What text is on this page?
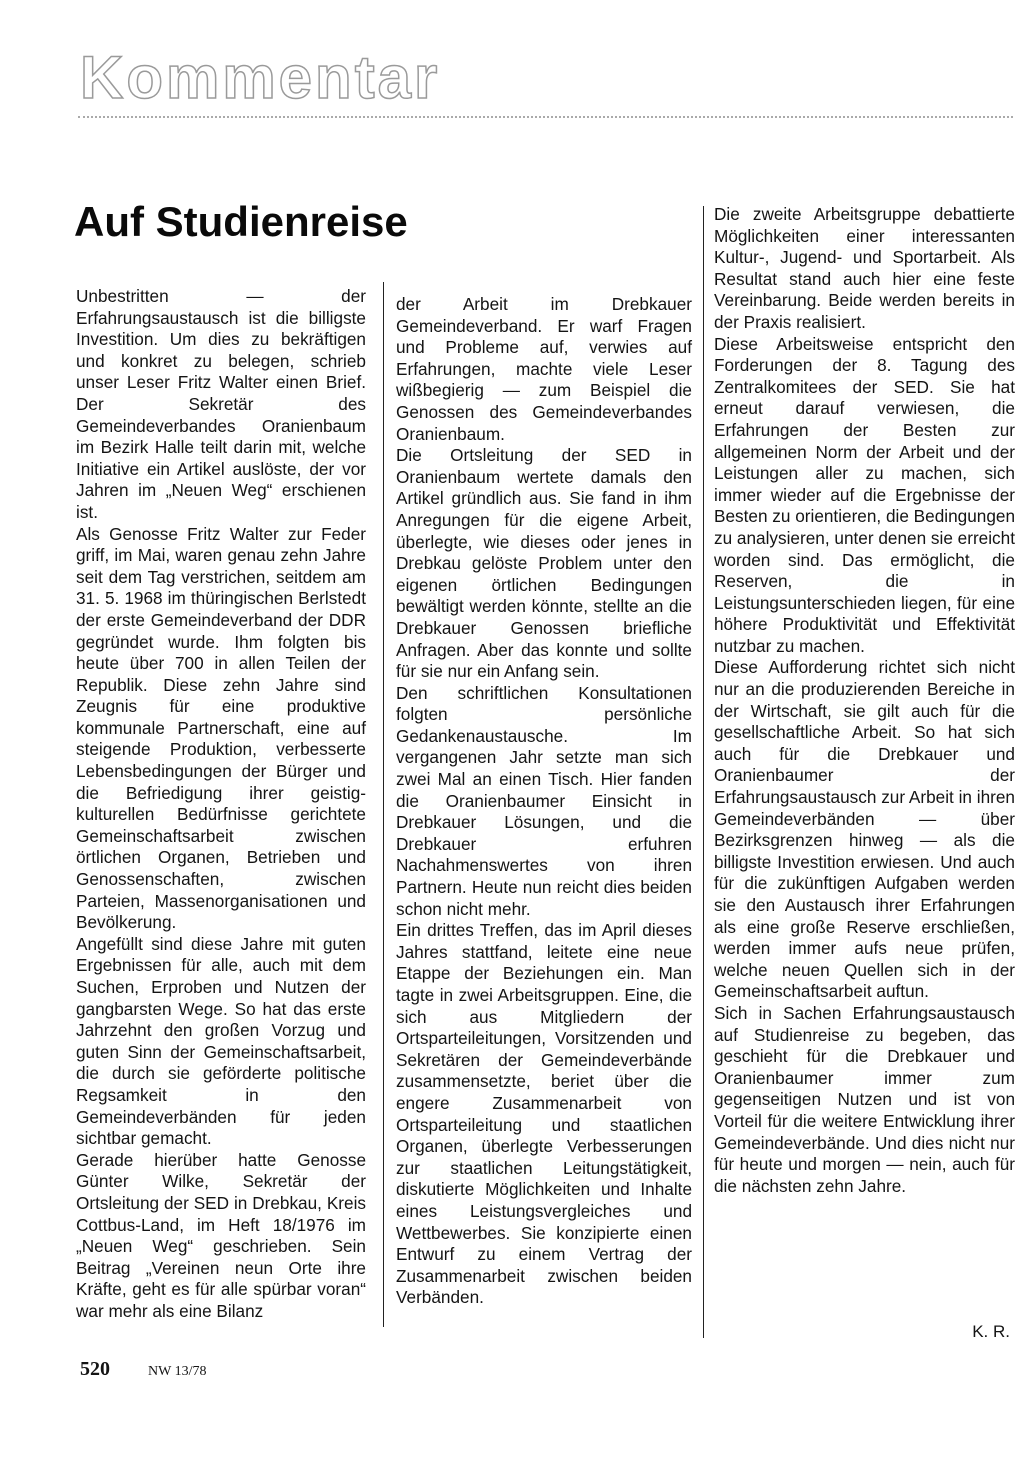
Kommentar
Auf Studienreise

Unbestritten — der Erfahrungsaustausch ist die billigste Investition. Um dies zu bekräftigen und konkret zu belegen, schrieb unser Leser Fritz Walter einen Brief. Der Sekretär des Gemeindeverbandes Oranienbaum im Bezirk Halle teilt darin mit, welche Initiative ein Artikel auslöste, der vor Jahren im „Neuen Weg“ erschienen ist.

Als Genosse Fritz Walter zur Feder griff, im Mai, waren genau zehn Jahre seit dem Tag verstrichen, seitdem am 31. 5. 1968 im thüringischen Berlstedt der erste Gemeindeverband der DDR gegründet wurde. Ihm folgten bis heute über 700 in allen Teilen der Republik. Diese zehn Jahre sind Zeugnis für eine produktive kommunale Partnerschaft, eine auf steigende Produktion, verbesserte Lebensbedingungen der Bürger und die Befriedigung ihrer geistig-kulturellen Bedürfnisse gerichtete Gemeinschaftsarbeit zwischen örtlichen Organen, Betrieben und Genossenschaften, zwischen Parteien, Massenorganisationen und Bevölkerung.

Angefüllt sind diese Jahre mit guten Ergebnissen für alle, auch mit dem Suchen, Erproben und Nutzen der gangbarsten Wege. So hat das erste Jahrzehnt den großen Vorzug und guten Sinn der Gemeinschaftsarbeit, die durch sie geförderte politische Regsamkeit in den Gemeindeverbänden für jeden sichtbar gemacht.

Gerade hierüber hatte Genosse Günter Wilke, Sekretär der Ortsleitung der SED in Drebkau, Kreis Cottbus-Land, im Heft 18/1976 im „Neuen Weg“ geschrieben. Sein Beitrag „Vereinen neun Orte ihre Kräfte, geht es für alle spürbar voran“ war mehr als eine Bilanz

der Arbeit im Drebkauer Gemeindeverband. Er warf Fragen und Probleme auf, verwies auf Erfahrungen, machte viele Leser wißbegierig — zum Beispiel die Genossen des Gemeindeverbandes Oranienbaum.

Die Ortsleitung der SED in Oranienbaum wertete damals den Artikel gründlich aus. Sie fand in ihm Anregungen für die eigene Arbeit, überlegte, wie dieses oder jenes in Drebkau gelöste Problem unter den eigenen örtlichen Bedingungen bewältigt werden könnte, stellte an die Drebkauer Genossen briefliche Anfragen. Aber das konnte und sollte für sie nur ein Anfang sein.

Den schriftlichen Konsultationen folgten persönliche Gedankenaustausche. Im vergangenen Jahr setzte man sich zwei Mal an einen Tisch. Hier fanden die Oranienbaumer Einsicht in Drebkauer Lösungen, und die Drebkauer erfuhren Nachahmenswertes von ihren Partnern. Heute nun reicht dies beiden schon nicht mehr.

Ein drittes Treffen, das im April dieses Jahres stattfand, leitete eine neue Etappe der Beziehungen ein. Man tagte in zwei Arbeitsgruppen. Eine, die sich aus Mitgliedern der Ortsparteileitungen, Vorsitzenden und Sekretären der Gemeindeverbände zusammensetzte, beriet über die engere Zusammenarbeit von Ortsparteileitung und staatlichen Organen, überlegte Verbesserungen zur staatlichen Leitungstätigkeit, diskutierte Möglichkeiten und Inhalte eines Leistungsvergleiches und Wettbewerbes. Sie konzipierte einen Entwurf zu einem Vertrag der Zusammenarbeit zwischen beiden Verbänden.

Die zweite Arbeitsgruppe debattierte Möglichkeiten einer interessanten Kultur-, Jugend- und Sportarbeit. Als Resultat stand auch hier eine feste Vereinbarung. Beide werden bereits in der Praxis realisiert.

Diese Arbeitsweise entspricht den Forderungen der 8. Tagung des Zentralkomitees der SED. Sie hat erneut darauf verwiesen, die Erfahrungen der Besten zur allgemeinen Norm der Arbeit und der Leistungen aller zu machen, sich immer wieder auf die Ergebnisse der Besten zu orientieren, die Bedingungen zu analysieren, unter denen sie erreicht worden sind. Das ermöglicht, die Reserven, die in Leistungsunterschieden liegen, für eine höhere Produktivität und Effektivität nutzbar zu machen.

Diese Aufforderung richtet sich nicht nur an die produzierenden Bereiche in der Wirtschaft, sie gilt auch für die gesellschaftliche Arbeit. So hat sich auch für die Drebkauer und Oranienbaumer der Erfahrungsaustausch zur Arbeit in ihren Gemeindeverbänden — über Bezirksgrenzen hinweg — als die billigste Investition erwiesen. Und auch für die zukünftigen Aufgaben werden sie den Austausch ihrer Erfahrungen als eine große Reserve erschließen, werden immer aufs neue prüfen, welche neuen Quellen sich in der Gemeinschaftsarbeit auftun.

Sich in Sachen Erfahrungsaustausch auf Studienreise zu begeben, das geschieht für die Drebkauer und Oranienbaumer immer zum gegenseitigen Nutzen und ist von Vorteil für die weitere Entwicklung ihrer Gemeindeverbände. Und dies nicht nur für heute und morgen — nein, auch für die nächsten zehn Jahre.

K. R.
520	NW 13/78
